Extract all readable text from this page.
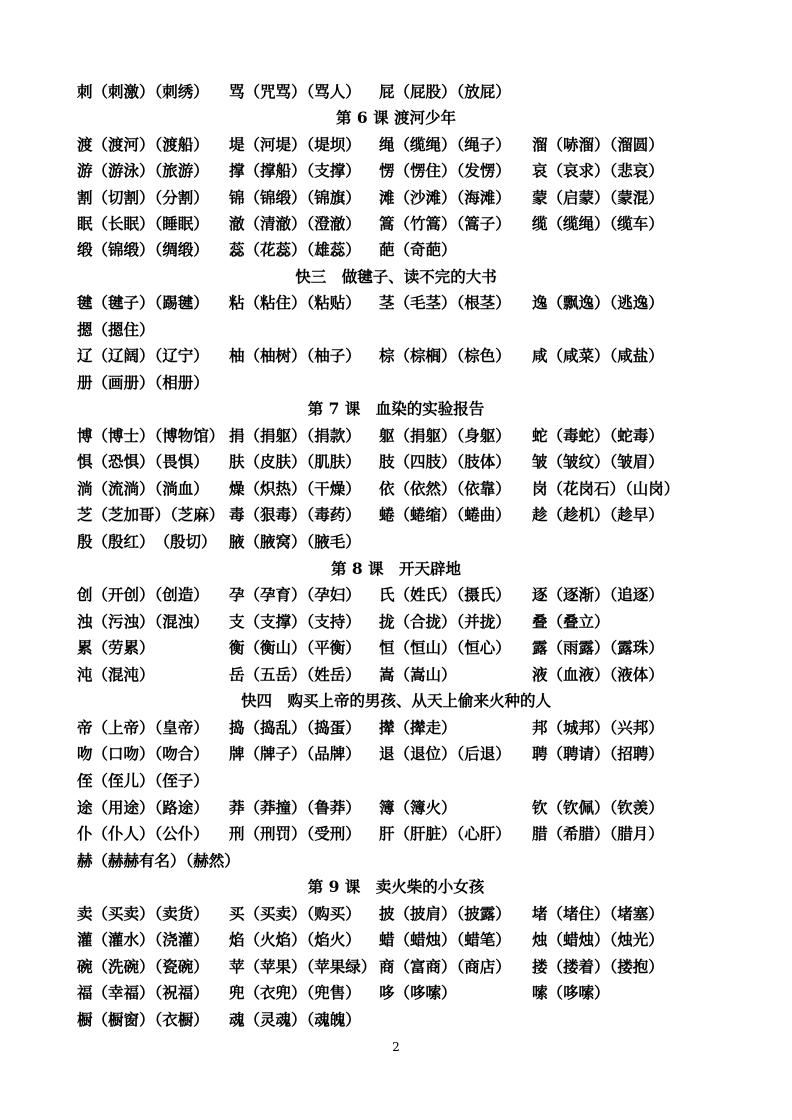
刺（刺激）（刺绣） 骂（咒骂）（骂人） 屁（屁股）（放屁）
第 6 课 渡河少年
渡（渡河）（渡船） 堤（河堤）（堤坝） 绳（缆绳）（绳子） 溜（哧溜）（溜圆）
游（游泳）（旅游） 撑（撑船）（支撑） 愣（愣住）（发愣） 哀（哀求）（悲哀）
割（切割）（分割） 锦（锦缎）（锦旗） 滩（沙滩）（海滩） 蒙（启蒙）（蒙混）
眠（长眠）（睡眠） 澈（清澈）（澄澈） 篙（竹篙）（篙子） 缆（缆绳）（缆车）
缎（锦缎）（绸缎） 蕊（花蕊）（雄蕊） 葩（奇葩）
快三　做毽子、读不完的大书
毽（毽子）（踢毽） 粘（粘住）（粘贴） 茎（毛茎）（根茎） 逸（飘逸）（逃逸）
摁（摁住）
辽（辽阔）（辽宁） 柚（柚树）（柚子） 棕（棕榈）（棕色） 咸（咸菜）（咸盐）
册（画册）（相册）
第 7 课　血染的实验报告
博（博士）（博物馆） 捐（捐躯）（捐款） 躯（捐躯）（身躯） 蛇（毒蛇）（蛇毒）
惧（恐惧）（畏惧） 肤（皮肤）（肌肤） 肢（四肢）（肢体） 皱（皱纹）（皱眉）
淌（流淌）（淌血） 燥（炽热）（干燥） 依（依然）（依靠） 岗（花岗石）（山岗）
芝（芝加哥）（芝麻） 毒（狠毒）（毒药） 蜷（蜷缩）（蜷曲） 趁（趁机）（趁早）
殷（殷红）　（殷切） 腋（腋窝）（腋毛）
第 8 课　开天辟地
创（开创）（创造） 孕（孕育）（孕妇） 氏（姓氏）（摄氏） 逐（逐渐）（追逐）
浊（污浊）（混浊） 支（支撑）（支持） 拢（合拢）（并拢） 叠（叠立）
累（劳累）	衡（衡山）（平衡） 恒（恒山）（恒心） 露（雨露）（露珠）
沌（混沌）	岳（五岳）（姓岳） 嵩（嵩山）	液（血液）（液体）
快四　购买上帝的男孩、从天上偷来火种的人
帝（上帝）（皇帝） 捣（捣乱）（捣蛋） 撵（撵走）	邦（城邦）（兴邦）
吻（口吻）（吻合） 牌（牌子）（品牌） 退（退位）（后退） 聘（聘请）（招聘）
侄（侄儿）（侄子）
途（用途）（路途） 莽（莽撞）（鲁莽） 簿（簿火）	钦（钦佩）（钦羡）
仆（仆人）（公仆） 刑（刑罚）（受刑） 肝（肝脏）（心肝） 腊（希腊）（腊月）
赫（赫赫有名）（赫然）
第 9 课　卖火柴的小女孩
卖（买卖）（卖货） 买（买卖）（购买） 披（披肩）（披露） 堵（堵住）（堵塞）
灌（灌水）（浇灌） 焰（火焰）（焰火） 蜡（蜡烛）（蜡笔） 烛（蜡烛）（烛光）
碗（洗碗）（瓷碗） 苹（苹果）（苹果绿） 商（富商）（商店） 搂（搂着）（搂抱）
福（幸福）（祝福） 兜（衣兜）（兜售） 哆（哆嗦）	嗦（哆嗦）
橱（橱窗）（衣橱） 魂（灵魂）（魂魄）
2
